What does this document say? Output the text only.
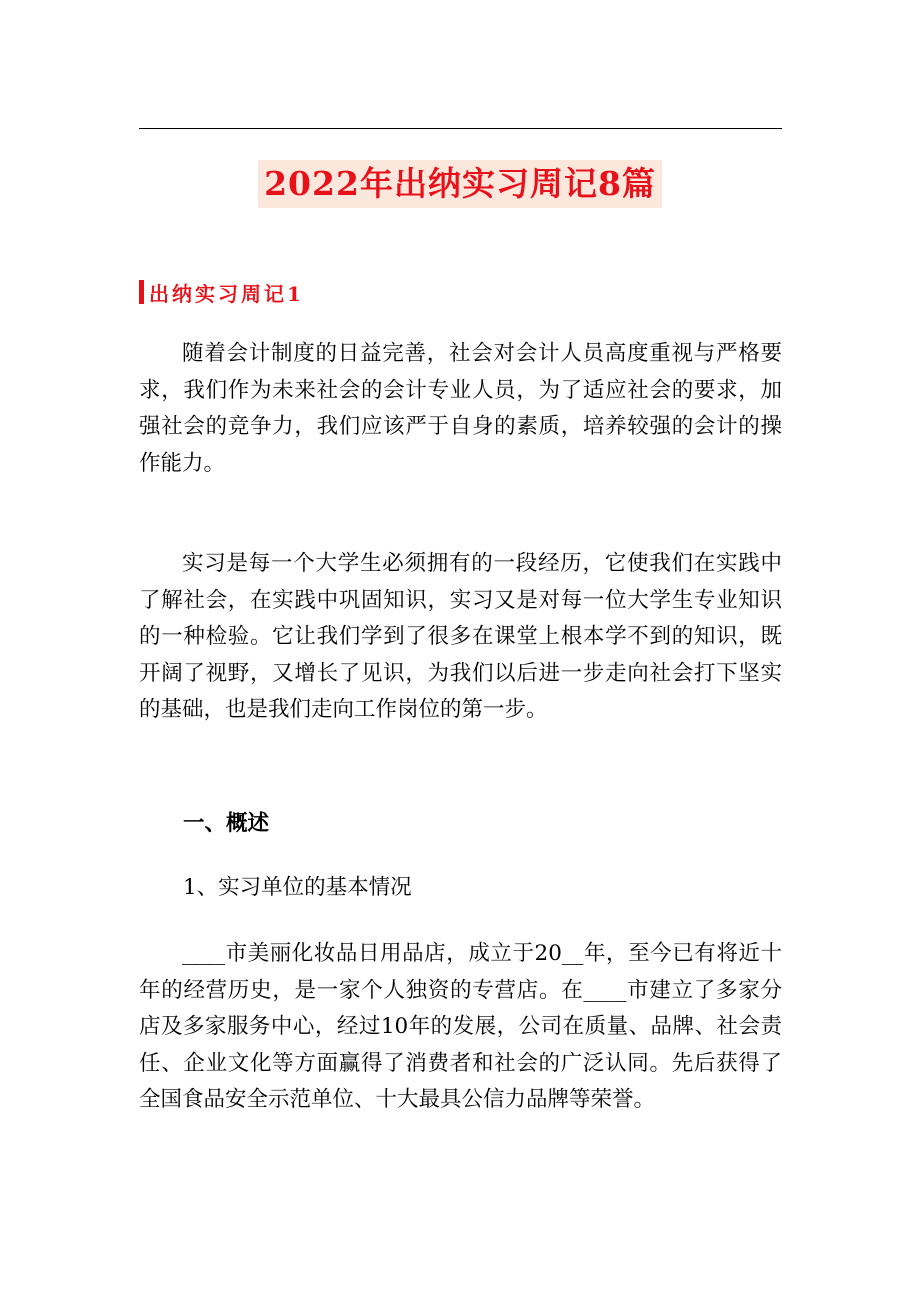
2022年出纳实习周记8篇
出纳实习周记1

随着会计制度的日益完善，社会对会计人员高度重视与严格要求，我们作为未来社会的会计专业人员，为了适应社会的要求，加强社会的竞争力，我们应该严于自身的素质，培养较强的会计的操作能力。

实习是每一个大学生必须拥有的一段经历，它使我们在实践中了解社会，在实践中巩固知识，实习又是对每一位大学生专业知识的一种检验。它让我们学到了很多在课堂上根本学不到的知识，既开阔了视野，又增长了见识，为我们以后进一步走向社会打下坚实的基础，也是我们走向工作岗位的第一步。

一、概述
1、实习单位的基本情况

____市美丽化妆品日用品店，成立于20__年，至今已有将近十年的经营历史，是一家个人独资的专营店。在____市建立了多家分店及多家服务中心，经过10年的发展，公司在质量、品牌、社会责任、企业文化等方面赢得了消费者和社会的广泛认同。先后获得了全国食品安全示范单位、十大最具公信力品牌等荣誉。
